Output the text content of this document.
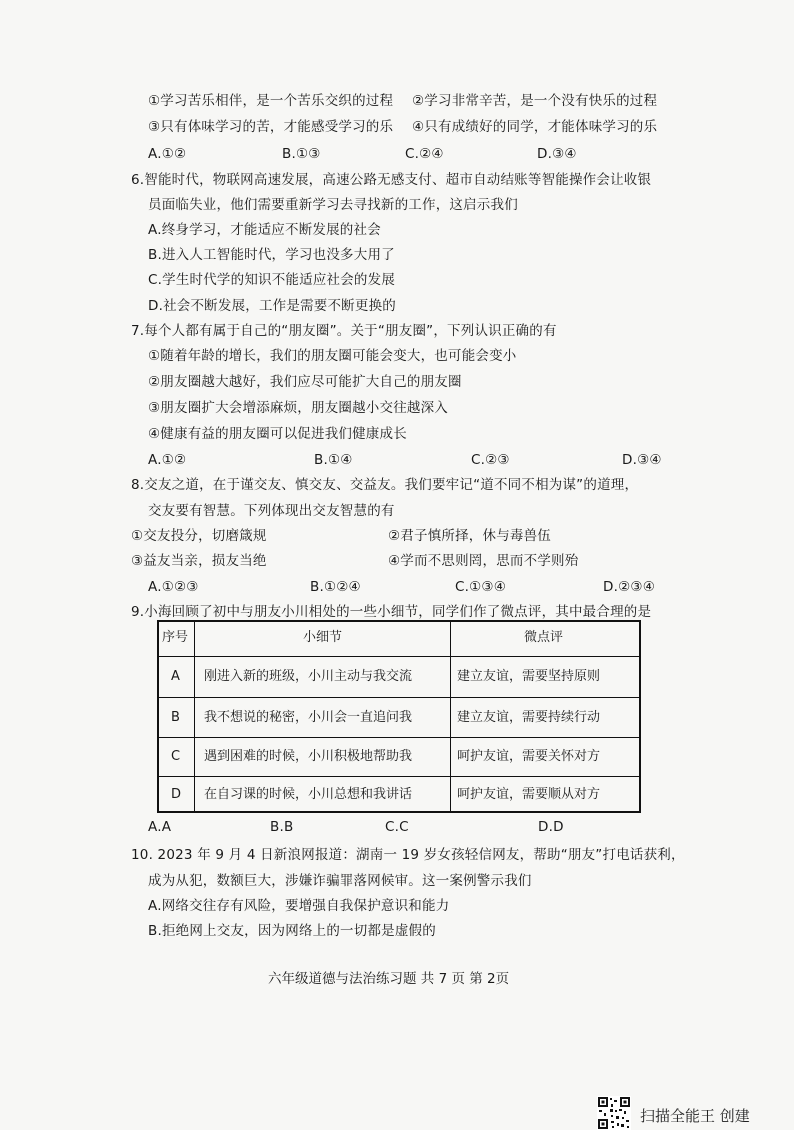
①学习苦乐相伴，是一个苦乐交织的过程 ②学习非常辛苦，是一个没有快乐的过程
③只有体味学习的苦，才能感受学习的乐 ④只有成绩好的同学，才能体味学习的乐
A.①②	B.①③	C.②④	D.③④
6.智能时代，物联网高速发展，高速公路无感支付、超市自动结账等智能操作会让收银
员面临失业，他们需要重新学习去寻找新的工作，这启示我们
A.终身学习，才能适应不断发展的社会
B.进入人工智能时代，学习也没多大用了
C.学生时代学的知识不能适应社会的发展
D.社会不断发展，工作是需要不断更换的
7.每个人都有属于自己的“朋友圈”。关于“朋友圈”，下列认识正确的有
①随着年龄的增长，我们的朋友圈可能会变大，也可能会变小
②朋友圈越大越好，我们应尽可能扩大自己的朋友圈
③朋友圈扩大会增添麻烦，朋友圈越小交往越深入
④健康有益的朋友圈可以促进我们健康成长
A.①②	B.①④	C.②③	D.③④
8.交友之道，在于谨交友、慎交友、交益友。我们要牢记“道不同不相为谋”的道理，
交友要有智慧。下列体现出交友智慧的有
①交友投分，切磨箴规	②君子慎所择，休与毒兽伍
③益友当亲，损友当绝	④学而不思则罔，思而不学则殆
A.①②③	B.①②④	C.①③④	D.②③④
9.小海回顾了初中与朋友小川相处的一些小细节，同学们作了微点评，其中最合理的是
序号	小细节	微点评
A 刚进入新的班级，小川主动与我交流	建立友谊，需要坚持原则
B 我不想说的秘密，小川会一直追问我	建立友谊，需要持续行动
C 遇到困难的时候，小川积极地帮助我	呵护友谊，需要关怀对方
D 在自习课的时候，小川总想和我讲话	呵护友谊，需要顺从对方
A.A	B.B	C.C	D.D
10. 2023 年 9 月 4 日新浪网报道：湖南一 19 岁女孩轻信网友，帮助“朋友”打电话获利，
成为从犯，数额巨大，涉嫌诈骗罪落网候审。这一案例警示我们
A.网络交往存有风险，要增强自我保护意识和能力
B.拒绝网上交友，因为网络上的一切都是虚假的
六年级道德与法治练习题 共 7 页 第 2页
扫描全能王 创建
